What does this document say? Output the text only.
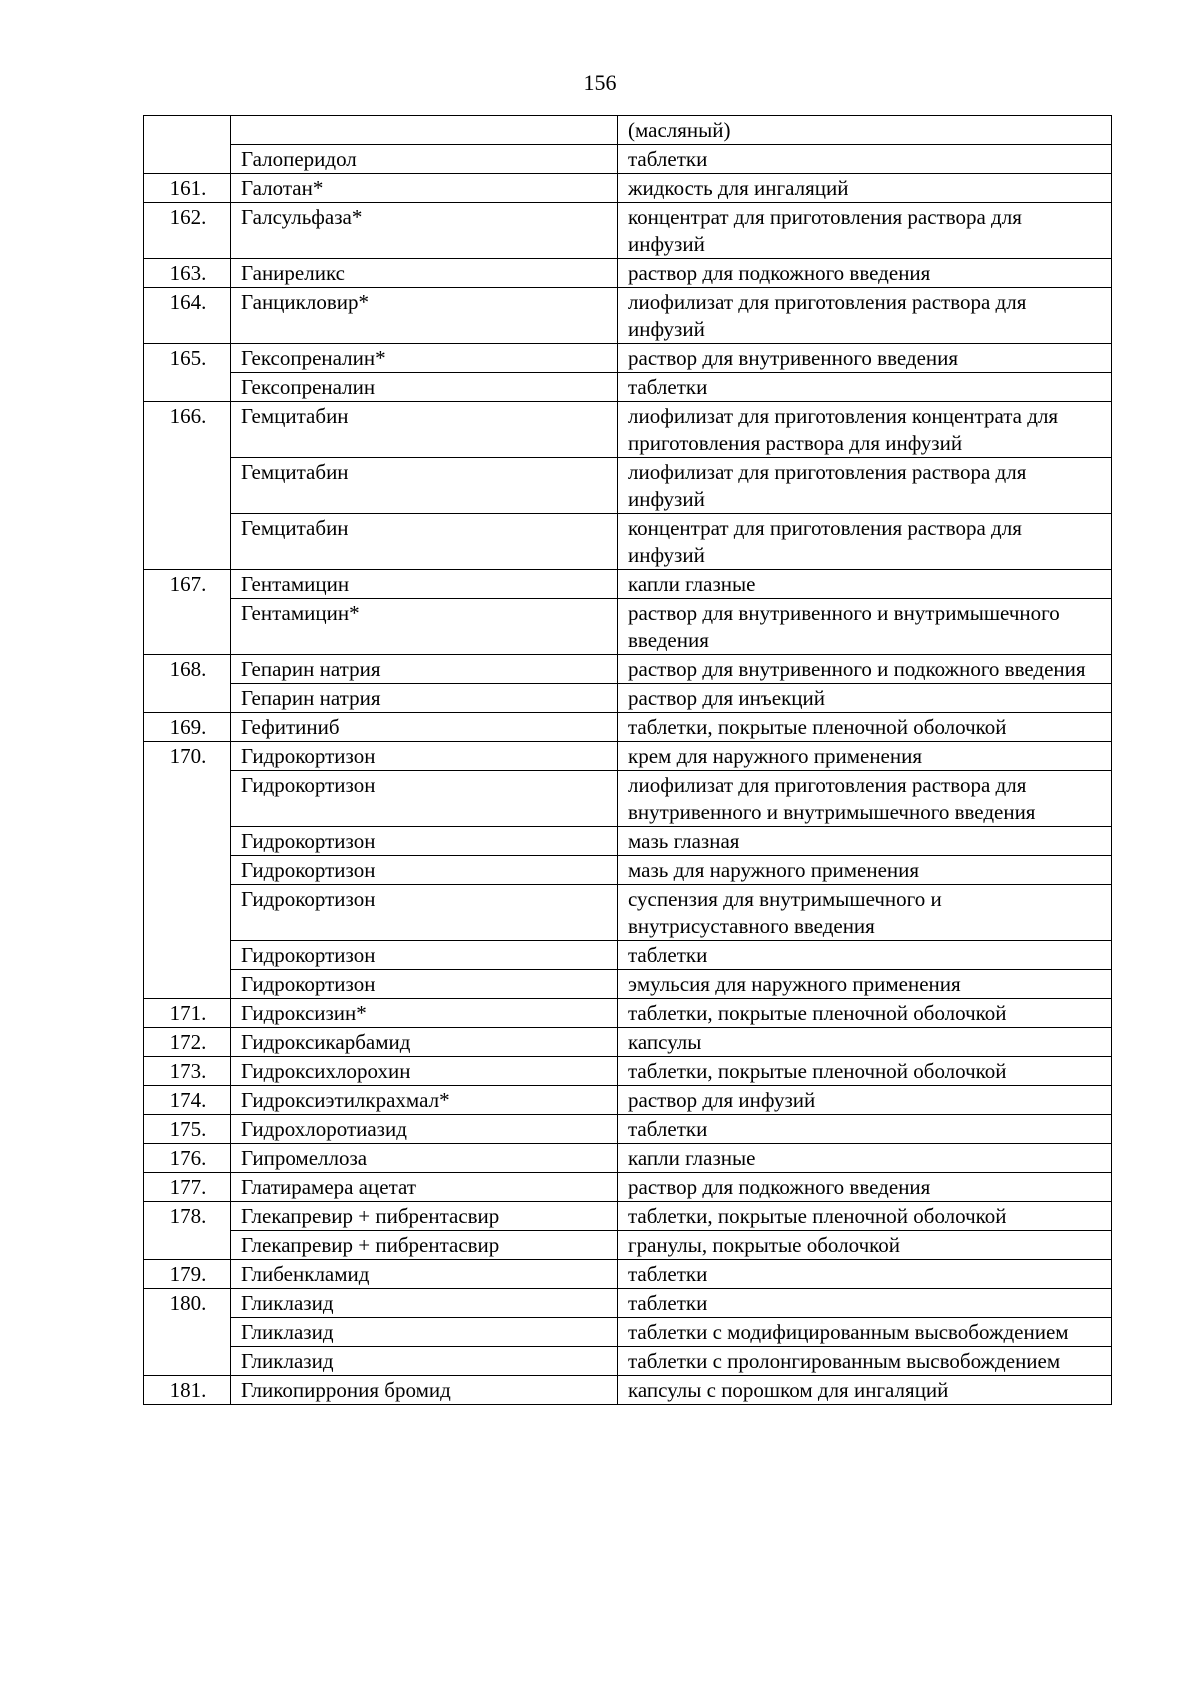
156
		(масляный)
	Галоперидол	таблетки
161.	Галотан*	жидкость для ингаляций
162.	Галсульфаза*	концентрат для приготовления раствора для инфузий
163.	Ганиреликс	раствор для подкожного введения
164.	Ганцикловир*	лиофилизат для приготовления раствора для инфузий
165.	Гексопреналин*	раствор для внутривенного введения
	Гексопреналин	таблетки
166.	Гемцитабин	лиофилизат для приготовления концентрата для приготовления раствора для инфузий
	Гемцитабин	лиофилизат для приготовления раствора для инфузий
	Гемцитабин	концентрат для приготовления раствора для инфузий
167.	Гентамицин	капли глазные
	Гентамицин*	раствор для внутривенного и внутримышечного введения
168.	Гепарин натрия	раствор для внутривенного и подкожного введения
	Гепарин натрия	раствор для инъекций
169.	Гефитиниб	таблетки, покрытые пленочной оболочкой
170.	Гидрокортизон	крем для наружного применения
	Гидрокортизон	лиофилизат для приготовления раствора для внутривенного и внутримышечного введения
	Гидрокортизон	мазь глазная
	Гидрокортизон	мазь для наружного применения
	Гидрокортизон	суспензия для внутримышечного и внутрисуставного введения
	Гидрокортизон	таблетки
	Гидрокортизон	эмульсия для наружного применения
171.	Гидроксизин*	таблетки, покрытые пленочной оболочкой
172.	Гидроксикарбамид	капсулы
173.	Гидроксихлорохин	таблетки, покрытые пленочной оболочкой
174.	Гидроксиэтилкрахмал*	раствор для инфузий
175.	Гидрохлоротиазид	таблетки
176.	Гипромеллоза	капли глазные
177.	Глатирамера ацетат	раствор для подкожного введения
178.	Глекапревир + пибрентасвир	таблетки, покрытые пленочной оболочкой
	Глекапревир + пибрентасвир	гранулы, покрытые оболочкой
179.	Глибенкламид	таблетки
180.	Гликлазид	таблетки
	Гликлазид	таблетки с модифицированным высвобождением
	Гликлазид	таблетки с пролонгированным высвобождением
181.	Гликопиррония бромид	капсулы с порошком для ингаляций
